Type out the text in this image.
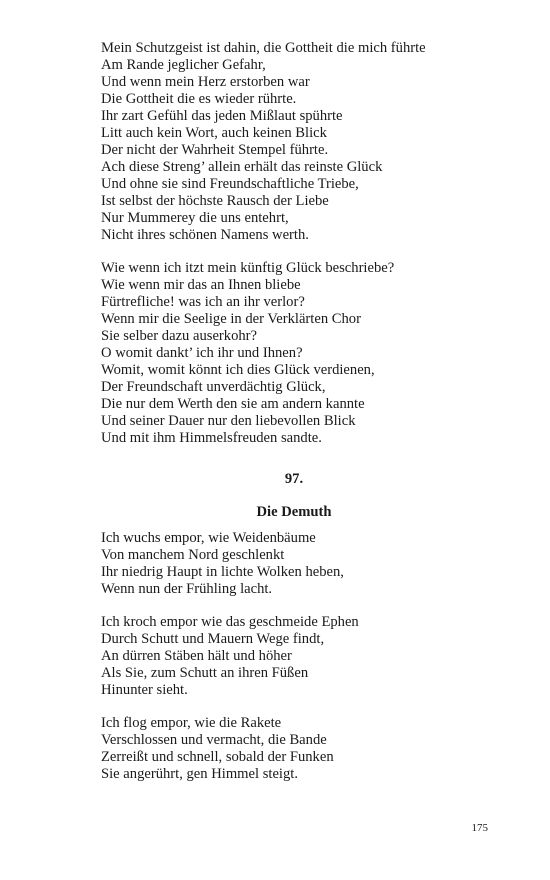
Mein Schutzgeist ist dahin, die Gottheit die mich führte
Am Rande jeglicher Gefahr,
Und wenn mein Herz erstorben war
Die Gottheit die es wieder rührte.
Ihr zart Gefühl das jeden Mißlaut spührte
Litt auch kein Wort, auch keinen Blick
Der nicht der Wahrheit Stempel führte.
Ach diese Streng’ allein erhält das reinste Glück
Und ohne sie sind Freundschaftliche Triebe,
Ist selbst der höchste Rausch der Liebe
Nur Mummerey die uns entehrt,
Nicht ihres schönen Namens werth.
Wie wenn ich itzt mein künftig Glück beschriebe?
Wie wenn mir das an Ihnen bliebe
Fürtrefliche! was ich an ihr verlor?
Wenn mir die Seelige in der Verklärten Chor
Sie selber dazu auserkohr?
O womit dankt’ ich ihr und Ihnen?
Womit, womit könnt ich dies Glück verdienen,
Der Freundschaft unverdächtig Glück,
Die nur dem Werth den sie am andern kannte
Und seiner Dauer nur den liebevollen Blick
Und mit ihm Himmelsfreuden sandte.
97.
Die Demuth
Ich wuchs empor, wie Weidenbäume
Von manchem Nord geschlenkt
Ihr niedrig Haupt in lichte Wolken heben,
Wenn nun der Frühling lacht.
Ich kroch empor wie das geschmeide Ephen
Durch Schutt und Mauern Wege findt,
An dürren Stäben hält und höher
Als Sie, zum Schutt an ihren Füßen
Hinunter sieht.
Ich flog empor, wie die Rakete
Verschlossen und vermacht, die Bande
Zerreißt und schnell, sobald der Funken
Sie angerührt, gen Himmel steigt.
175
